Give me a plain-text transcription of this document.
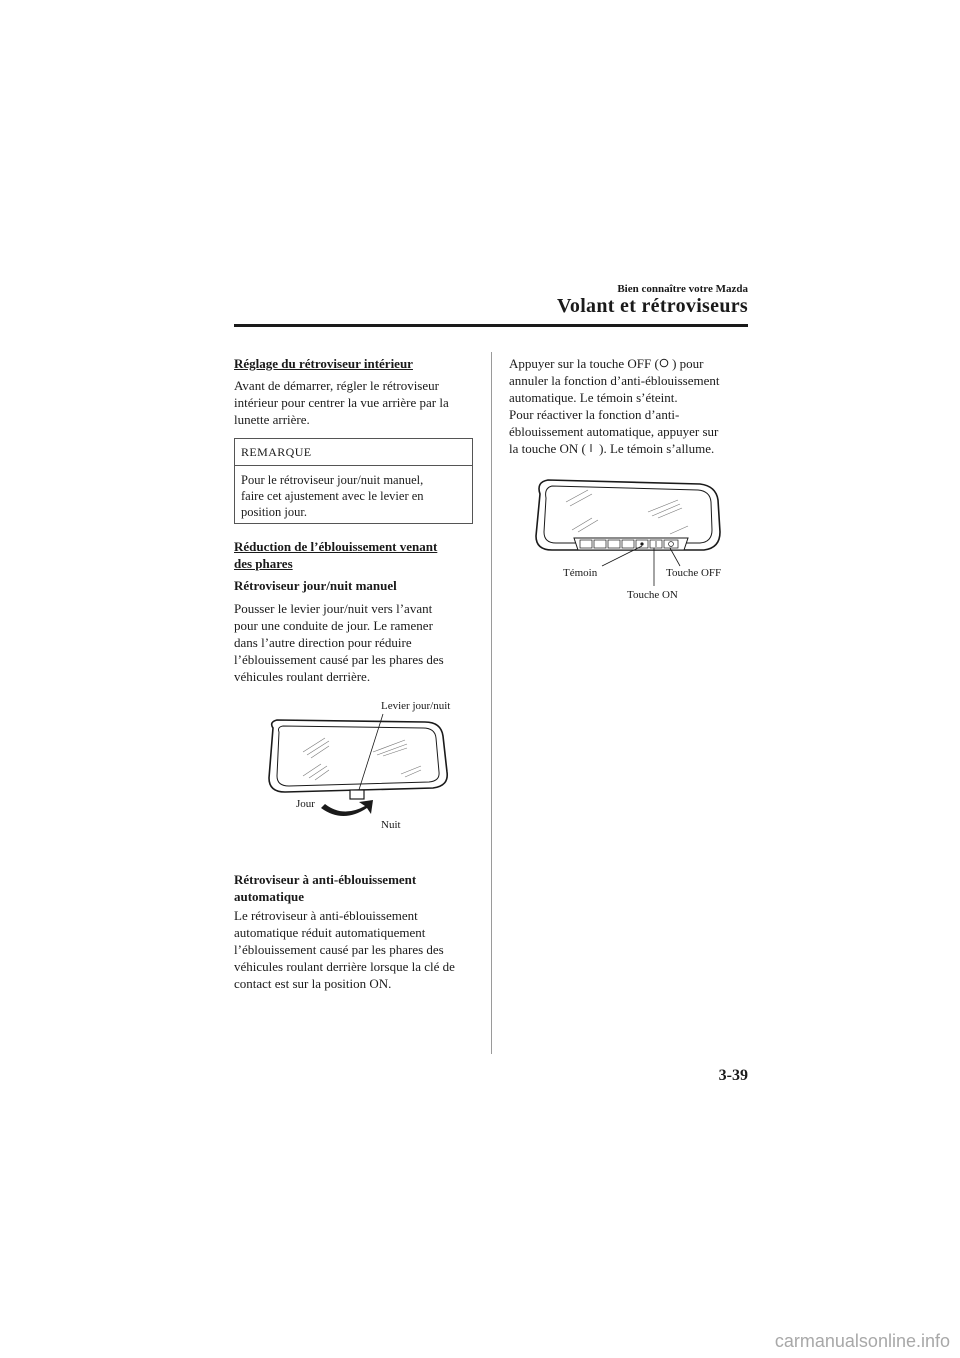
Bien connaître votre Mazda
Volant et rétroviseurs

Réglage du rétroviseur intérieur

Avant de démarrer, régler le rétroviseur

intérieur pour centrer la vue arrière par la

lunette arrière.

REMARQUE
Pour le rétroviseur jour/nuit manuel,
faire cet ajustement avec le levier en
position jour.
Réduction de l’éblouissement venant
des phares

Rétroviseur jour/nuit manuel

Pousser le levier jour/nuit vers l’avant

pour une conduite de jour. Le ramener

dans l’autre direction pour réduire

l’éblouissement causé par les phares des

véhicules roulant derrière.

Levier jour/nuit
Jour
Nuit
Rétroviseur à anti-éblouissement
automatique

Le rétroviseur à anti-éblouissement

automatique réduit automatiquement

l’éblouissement causé par les phares des

véhicules roulant derrière lorsque la clé de

contact est sur la position ON.

Appuyer sur la touche OFF ( ) pour

annuler la fonction d’anti-éblouissement

automatique. Le témoin s’éteint.

Pour réactiver la fonction d’anti-

éblouissement automatique, appuyer sur

la touche ON ( ). Le témoin s’allume.

Témoin	Touche OFF
Touche ON
3-39
carmanualsonline.info
